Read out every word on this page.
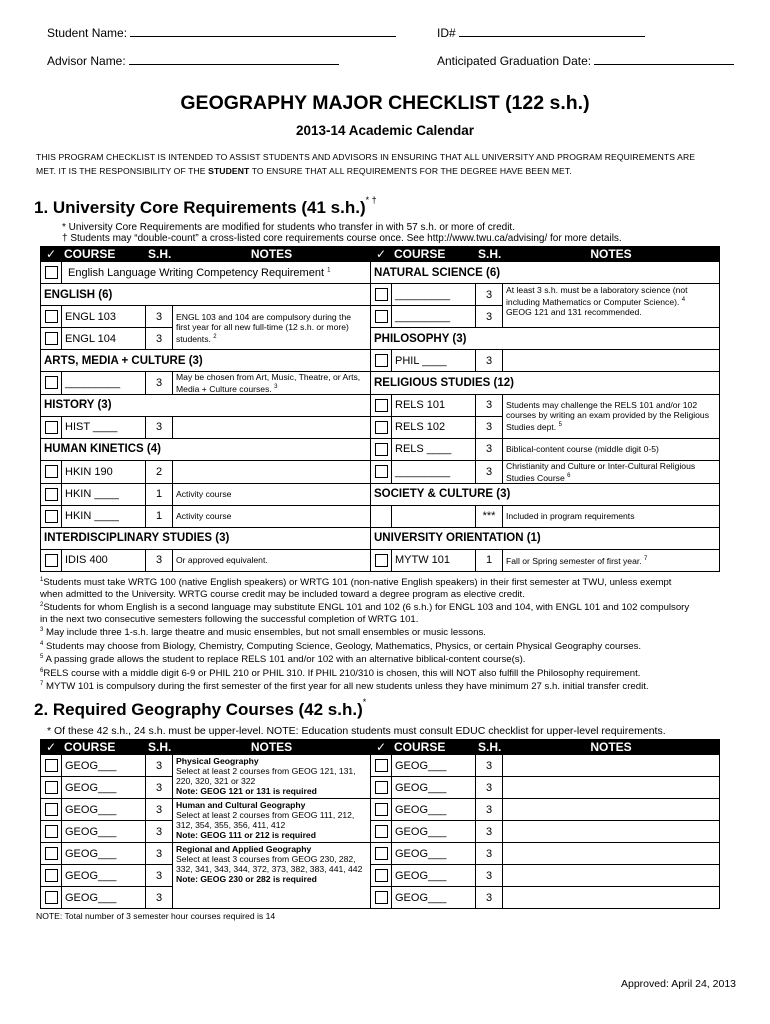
Student Name:	ID#
Advisor Name:	Anticipated Graduation Date:
GEOGRAPHY MAJOR CHECKLIST (122 s.h.)
2013-14 Academic Calendar
THIS PROGRAM CHECKLIST IS INTENDED TO ASSIST STUDENTS AND ADVISORS IN ENSURING THAT ALL UNIVERSITY AND PROGRAM REQUIREMENTS ARE
MET. IT IS THE RESPONSIBILITY OF THE STUDENT TO ENSURE THAT ALL REQUIREMENTS FOR THE DEGREE HAVE BEEN MET.
1. University Core Requirements (41 s.h.)* †
* University Core Requirements are modified for students who transfer in with 57 s.h. or more of credit.
† Students may “double-count” a cross-listed core requirements course once. See http://www.twu.ca/advising/ for more details.
✓	COURSE	S.H.	NOTES	✓	COURSE	S.H.	NOTES
	English Language Writing Competency Requirement $^1$			NATURAL SCIENCE (6)			
ENGLISH (6)					_________	3	At least 3 s.h. must be a laboratory science (not including Mathematics or Computer Science). $^4$
GEOG 121 and 131 recommended.
	ENGL 103	3	ENGL 103 and 104 are compulsory during the first year for all new full-time (12 s.h. or more) students. $^2$		_________	3	
	ENGL 104	3		PHILOSOPHY (3)			
ARTS, MEDIA + CULTURE (3)					PHIL ____	3	
	_________	3	May be chosen from Art, Music, Theatre, or Arts, Media + Culture courses. $^3$	RELIGIOUS STUDIES (12)			
HISTORY (3)					RELS 101	3	Students may challenge the RELS 101 and/or 102 courses by writing an exam provided by the Religious Studies dept. $^5$
	HIST ____	3			RELS 102	3	
HUMAN KINETICS (4)					RELS ____	3	Biblical-content course (middle digit 0-5)
	HKIN 190	2			_________	3	Christianity and Culture or Inter-Cultural Religious Studies Course $^6$
	HKIN ____	1	Activity course	SOCIETY & CULTURE (3)			
	HKIN ____	1	Activity course			***	Included in program requirements
INTERDISCIPLINARY STUDIES (3)				UNIVERSITY ORIENTATION (1)			
	IDIS 400	3	Or approved equivalent.		MYTW 101	1	Fall or Spring semester of first year. $^7$
$^1$Students must take WRTG 100 (native English speakers) or WRTG 101 (non-native English speakers) in their first semester at TWU, unless exempt
when admitted to the University. WRTG course credit may be included toward a degree program as elective credit.
$^2$Students for whom English is a second language may substitute ENGL 101 and 102 (6 s.h.) for ENGL 103 and 104, with ENGL 101 and 102 compulsory
in the next two consecutive semesters following the successful completion of WRTG 101.
$^3$ May include three 1-s.h. large theatre and music ensembles, but not small ensembles or music lessons.
$^4$ Students may choose from Biology, Chemistry, Computing Science, Geology, Mathematics, Physics, or certain Physical Geography courses.
$^5$ A passing grade allows the student to replace RELS 101 and/or 102 with an alternative biblical-content course(s).
$^6$RELS course with a middle digit 6-9 or PHIL 210 or PHIL 310. If PHIL 210/310 is chosen, this will NOT also fulfill the Philosophy requirement.
$^7$ MYTW 101 is compulsory during the first semester of the first year for all new students unless they have minimum 27 s.h. initial transfer credit.
2. Required Geography Courses (42 s.h.)*
* Of these 42 s.h., 24 s.h. must be upper-level. NOTE: Education students must consult EDUC checklist for upper-level requirements.
✓	COURSE	S.H.	NOTES	✓	COURSE	S.H.	NOTES
	GEOG___	3	Physical Geography
Select at least 2 courses from GEOG 121, 131, 220, 320, 321 or 322
Note: GEOG 121 or 131 is required		GEOG___	3	
	GEOG___	3			GEOG___	3	
	GEOG___	3	Human and Cultural Geography
Select at least 2 courses from GEOG 111, 212, 312, 354, 355, 356, 411, 412
Note: GEOG 111 or 212 is required		GEOG___	3	
	GEOG___	3			GEOG___	3	
	GEOG___	3	Regional and Applied Geography
Select at least 3 courses from GEOG 230, 282, 332, 341, 343, 344, 372, 373, 382, 383, 441, 442
Note: GEOG 230 or 282 is required		GEOG___	3	
	GEOG___	3			GEOG___	3	
	GEOG___	3			GEOG___	3	
NOTE: Total number of 3 semester hour courses required is 14
Approved: April 24, 2013
